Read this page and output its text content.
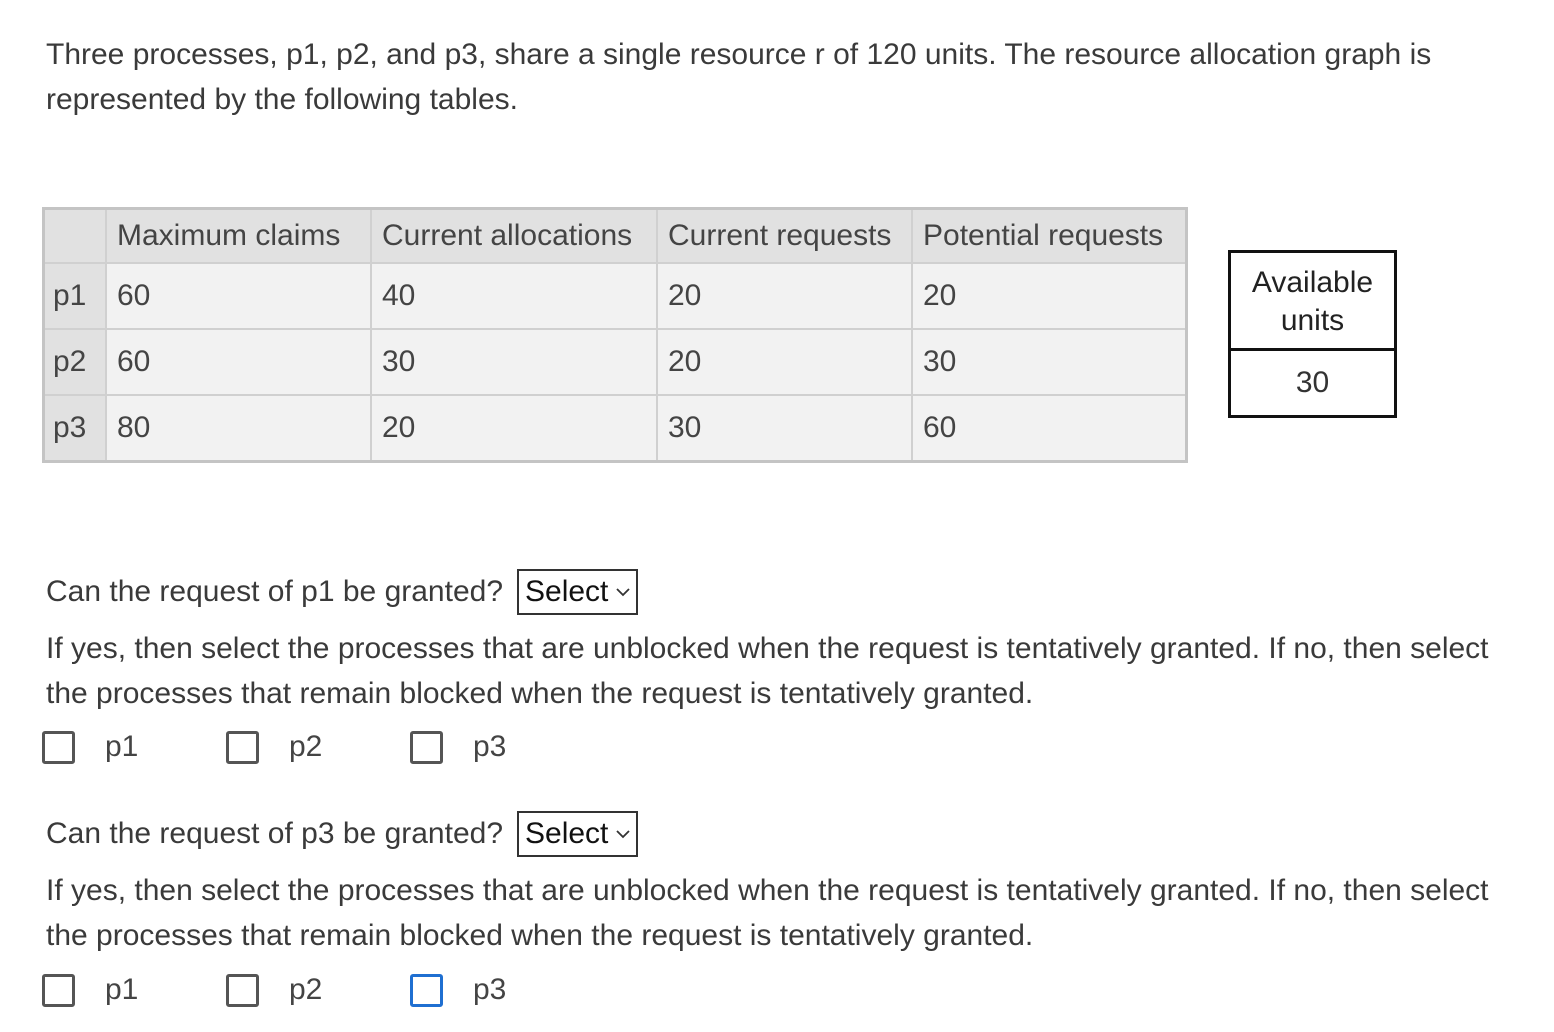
Three processes, p1, p2, and p3, share a single resource r of 120 units. The resource allocation graph is represented by the following tables.

	Maximum claims	Current allocations	Current requests	Potential requests
p1	60	40	20	20
p2	60	30	20	30
p3	80	20	30	60
Available units
30
Can the request of p1 be granted? Select

If yes, then select the processes that are unblocked when the request is tentatively granted. If no, then select the processes that remain blocked when the request is tentatively granted.

p1	p2	p3
Can the request of p3 be granted? Select

If yes, then select the processes that are unblocked when the request is tentatively granted. If no, then select the processes that remain blocked when the request is tentatively granted.

p1	p2	p3
